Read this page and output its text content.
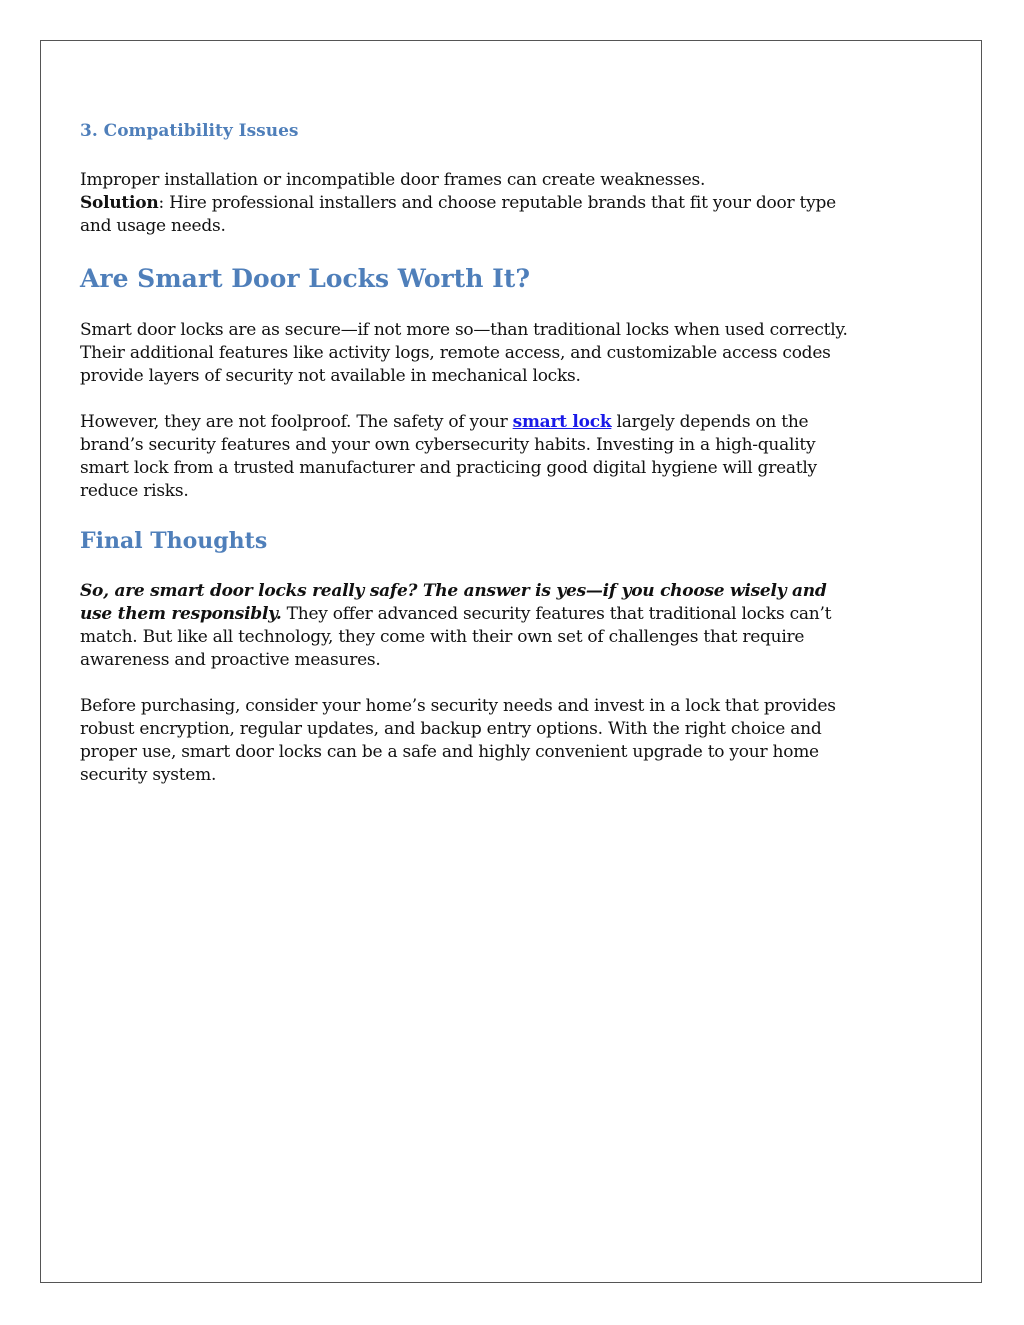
3. Compatibility Issues

Improper installation or incompatible door frames can create weaknesses.
Solution: Hire professional installers and choose reputable brands that fit your door type and usage needs.

Are Smart Door Locks Worth It?

Smart door locks are as secure—if not more so—than traditional locks when used correctly. Their additional features like activity logs, remote access, and customizable access codes provide layers of security not available in mechanical locks.

However, they are not foolproof. The safety of your smart lock largely depends on the brand’s security features and your own cybersecurity habits. Investing in a high-quality smart lock from a trusted manufacturer and practicing good digital hygiene will greatly reduce risks.

Final Thoughts

So, are smart door locks really safe? The answer is yes—if you choose wisely and use them responsibly. They offer advanced security features that traditional locks can’t match. But like all technology, they come with their own set of challenges that require awareness and proactive measures.

Before purchasing, consider your home’s security needs and invest in a lock that provides robust encryption, regular updates, and backup entry options. With the right choice and proper use, smart door locks can be a safe and highly convenient upgrade to your home security system.
